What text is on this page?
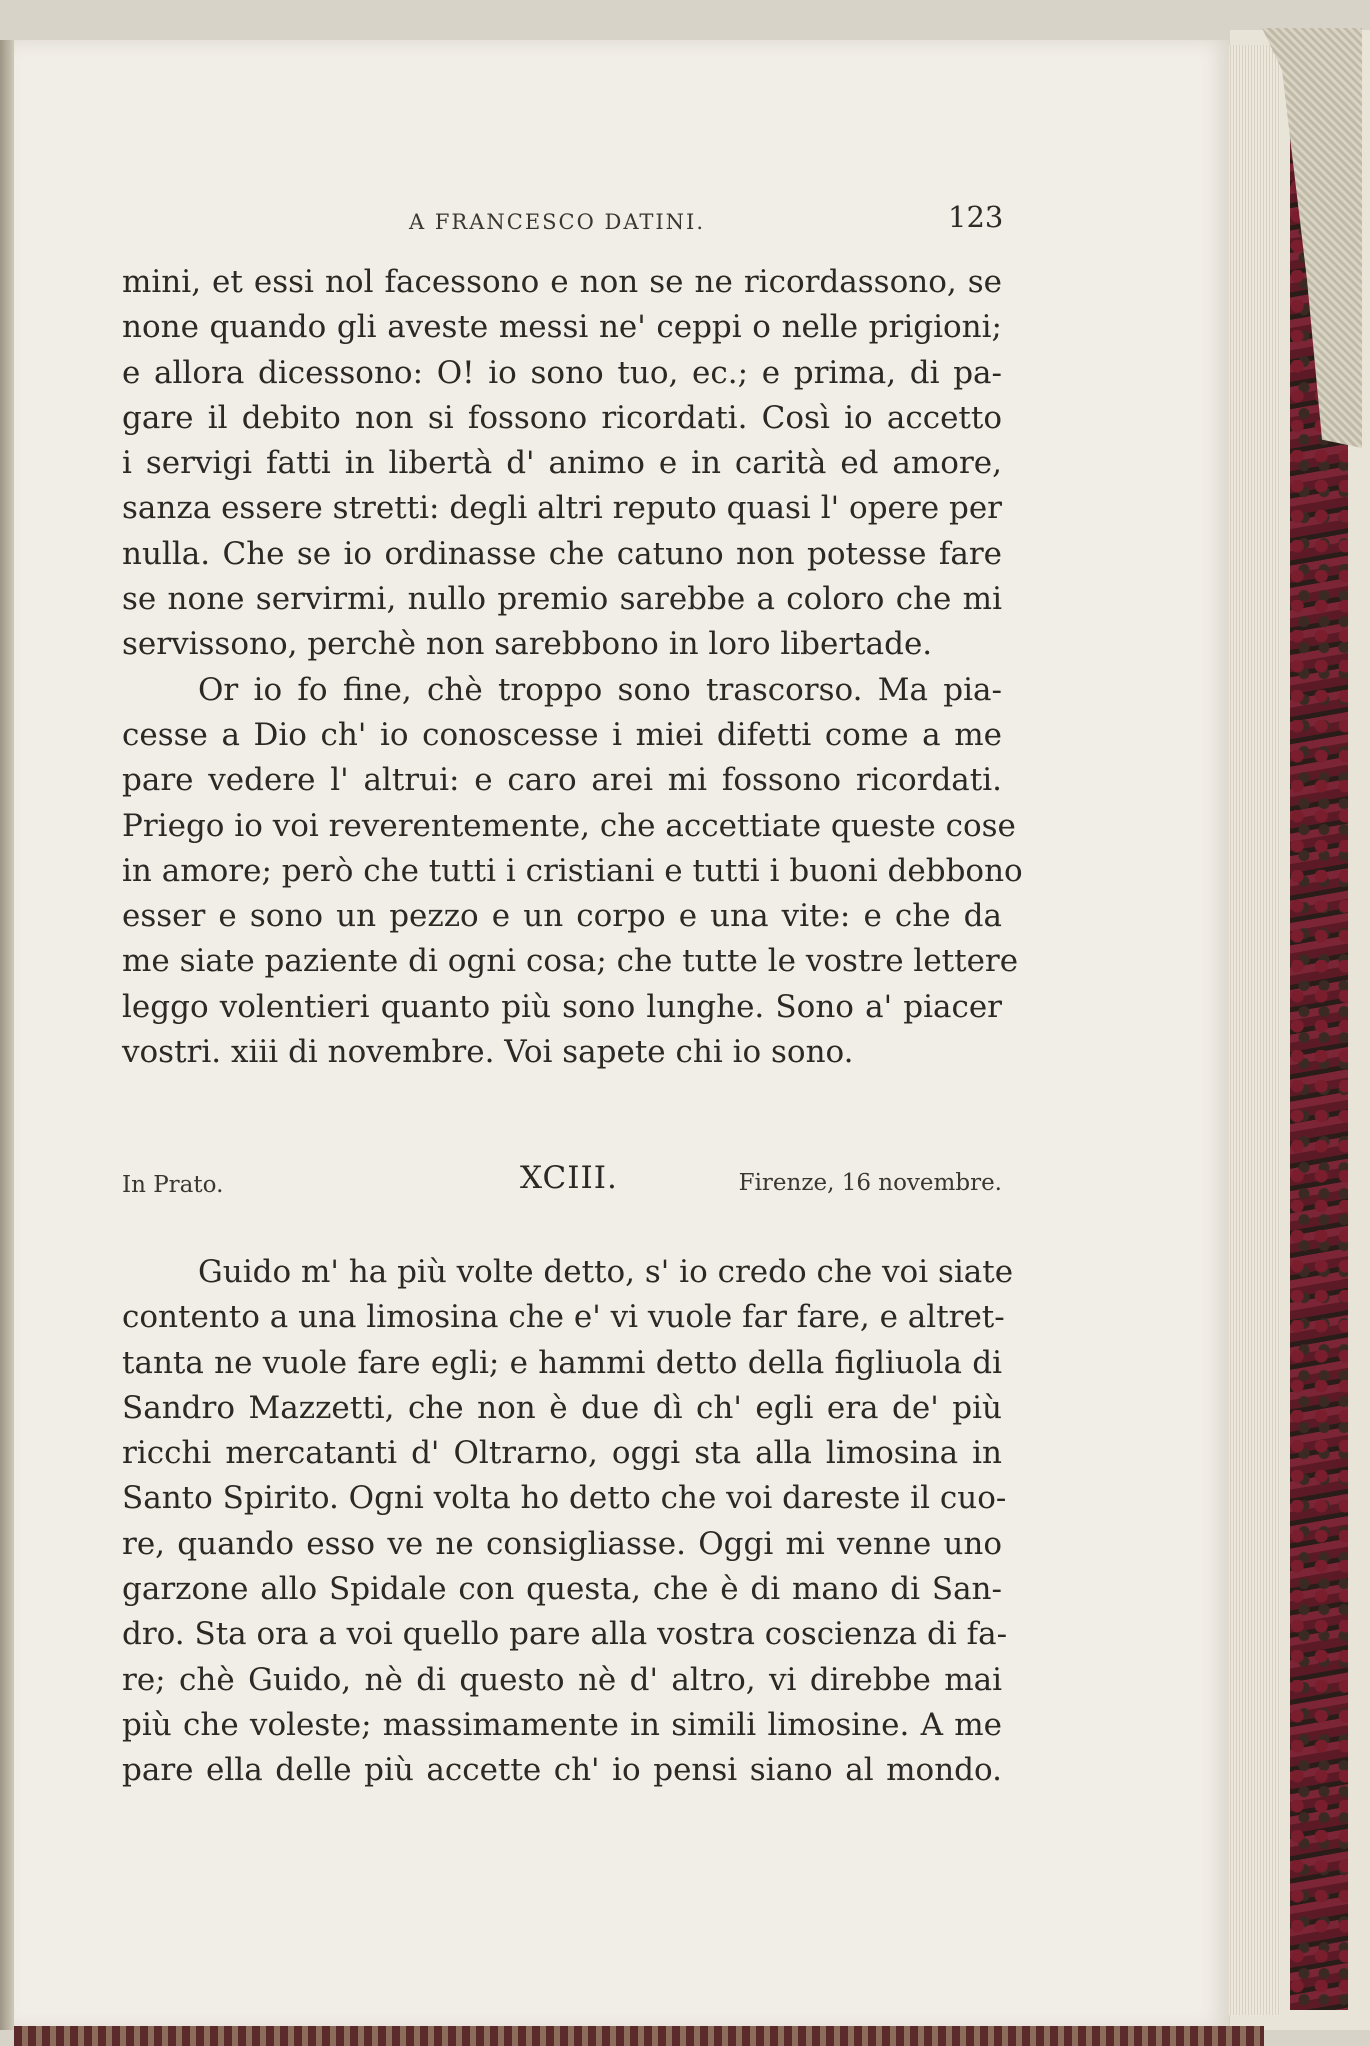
A FRANCESCO DATINI.	123
mini, et essi nol facessono e non se ne ricordassono, se
none quando gli aveste messi ne' ceppi o nelle prigioni;
e allora dicessono: O! io sono tuo, ec.; e prima, di pa-
gare il debito non si fossono ricordati. Così io accetto
i servigi fatti in libertà d' animo e in carità ed amore,
sanza essere stretti: degli altri reputo quasi l' opere per
nulla. Che se io ordinasse che catuno non potesse fare
se none servirmi, nullo premio sarebbe a coloro che mi
servissono, perchè non sarebbono in loro libertade.
Or io fo fine, chè troppo sono trascorso. Ma pia-
cesse a Dio ch' io conoscesse i miei difetti come a me
pare vedere l' altrui: e caro arei mi fossono ricordati.
Priego io voi reverentemente, che accettiate queste cose
in amore; però che tutti i cristiani e tutti i buoni debbono
esser e sono un pezzo e un corpo e una vite: e che da
me siate paziente di ogni cosa; che tutte le vostre lettere
leggo volentieri quanto più sono lunghe. Sono a' piacer
vostri. xiii di novembre. Voi sapete chi io sono.
In Prato.	XCIII.	Firenze, 16 novembre.
Guido m' ha più volte detto, s' io credo che voi siate
contento a una limosina che e' vi vuole far fare, e altret-
tanta ne vuole fare egli; e hammi detto della figliuola di
Sandro Mazzetti, che non è due dì ch' egli era de' più
ricchi mercatanti d' Oltrarno, oggi sta alla limosina in
Santo Spirito. Ogni volta ho detto che voi dareste il cuo-
re, quando esso ve ne consigliasse. Oggi mi venne uno
garzone allo Spidale con questa, che è di mano di San-
dro. Sta ora a voi quello pare alla vostra coscienza di fa-
re; chè Guido, nè di questo nè d' altro, vi direbbe mai
più che voleste; massimamente in simili limosine. A me
pare ella delle più accette ch' io pensi siano al mondo.
